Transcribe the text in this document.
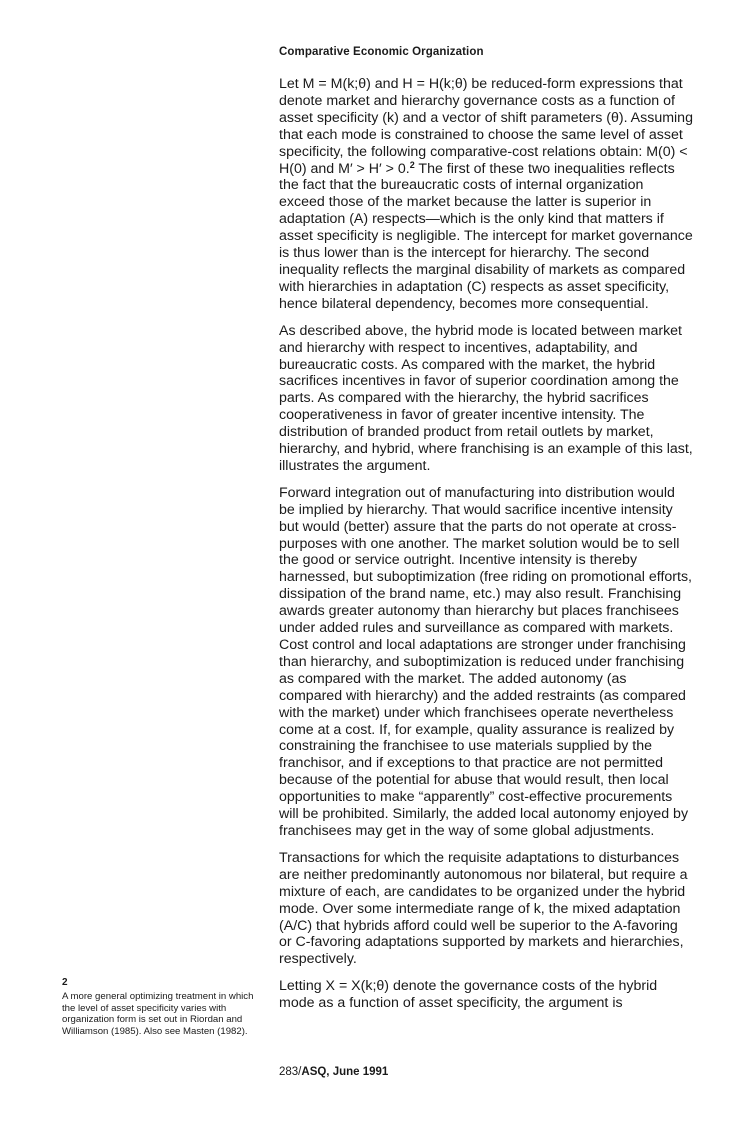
Comparative Economic Organization

Let M = M(k;θ) and H = H(k;θ) be reduced-form expressions that denote market and hierarchy governance costs as a function of asset specificity (k) and a vector of shift parameters (θ). Assuming that each mode is constrained to choose the same level of asset specificity, the following comparative-cost relations obtain: M(0) < H(0) and M′ > H′ > 0.$^2$ The first of these two inequalities reflects the fact that the bureaucratic costs of internal organization exceed those of the market because the latter is superior in adaptation (A) respects—which is the only kind that matters if asset specificity is negligible. The intercept for market governance is thus lower than is the intercept for hierarchy. The second inequality reflects the marginal disability of markets as compared with hierarchies in adaptation (C) respects as asset specificity, hence bilateral dependency, becomes more consequential.

As described above, the hybrid mode is located between market and hierarchy with respect to incentives, adaptability, and bureaucratic costs. As compared with the market, the hybrid sacrifices incentives in favor of superior coordination among the parts. As compared with the hierarchy, the hybrid sacrifices cooperativeness in favor of greater incentive intensity. The distribution of branded product from retail outlets by market, hierarchy, and hybrid, where franchising is an example of this last, illustrates the argument.

Forward integration out of manufacturing into distribution would be implied by hierarchy. That would sacrifice incentive intensity but would (better) assure that the parts do not operate at cross-purposes with one another. The market solution would be to sell the good or service outright. Incentive intensity is thereby harnessed, but suboptimization (free riding on promotional efforts, dissipation of the brand name, etc.) may also result. Franchising awards greater autonomy than hierarchy but places franchisees under added rules and surveillance as compared with markets. Cost control and local adaptations are stronger under franchising than hierarchy, and suboptimization is reduced under franchising as compared with the market. The added autonomy (as compared with hierarchy) and the added restraints (as compared with the market) under which franchisees operate nevertheless come at a cost. If, for example, quality assurance is realized by constraining the franchisee to use materials supplied by the franchisor, and if exceptions to that practice are not permitted because of the potential for abuse that would result, then local opportunities to make “apparently” cost-effective procurements will be prohibited. Similarly, the added local autonomy enjoyed by franchisees may get in the way of some global adjustments.

Transactions for which the requisite adaptations to disturbances are neither predominantly autonomous nor bilateral, but require a mixture of each, are candidates to be organized under the hybrid mode. Over some intermediate range of k, the mixed adaptation (A/C) that hybrids afford could well be superior to the A-favoring or C-favoring adaptations supported by markets and hierarchies, respectively.

Letting X = X(k;θ) denote the governance costs of the hybrid mode as a function of asset specificity, the argument is

2
A more general optimizing treatment in which the level of asset specificity varies with organization form is set out in Riordan and Williamson (1985). Also see Masten (1982).
283/ASQ, June 1991
